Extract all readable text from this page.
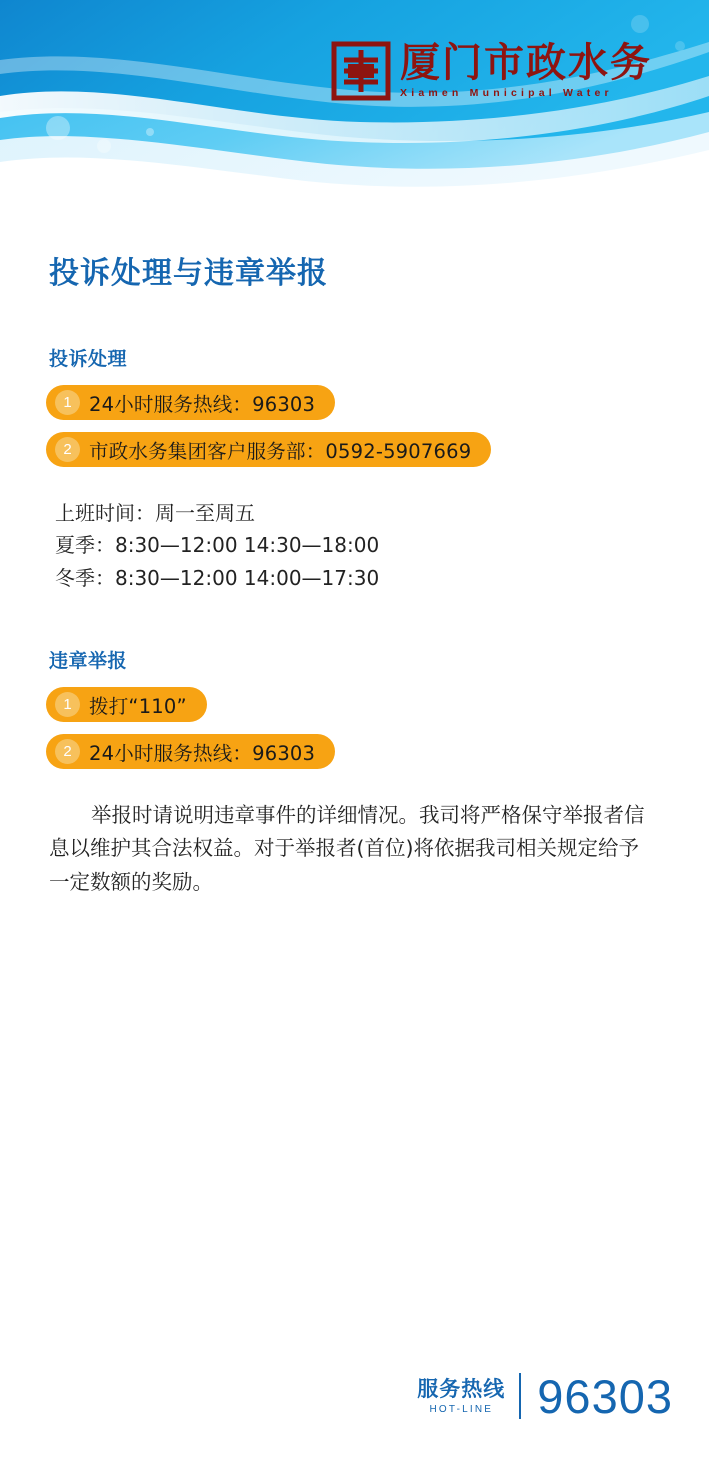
厦门市政水务
Xiamen Municipal Water
投诉处理与违章举报
投诉处理
1 24小时服务热线：96303
2 市政水务集团客户服务部：0592-5907669
上班时间：周一至周五
夏季：8:30—12:00 14:30—18:00
冬季：8:30—12:00 14:00—17:30
违章举报
1 拨打“110”
2 24小时服务热线：96303

举报时请说明违章事件的详细情况。我司将严格保守举报者信息以维护其合法权益。对于举报者(首位)将依据我司相关规定给予一定数额的奖励。

服务热线
HOT-LINE 96303
